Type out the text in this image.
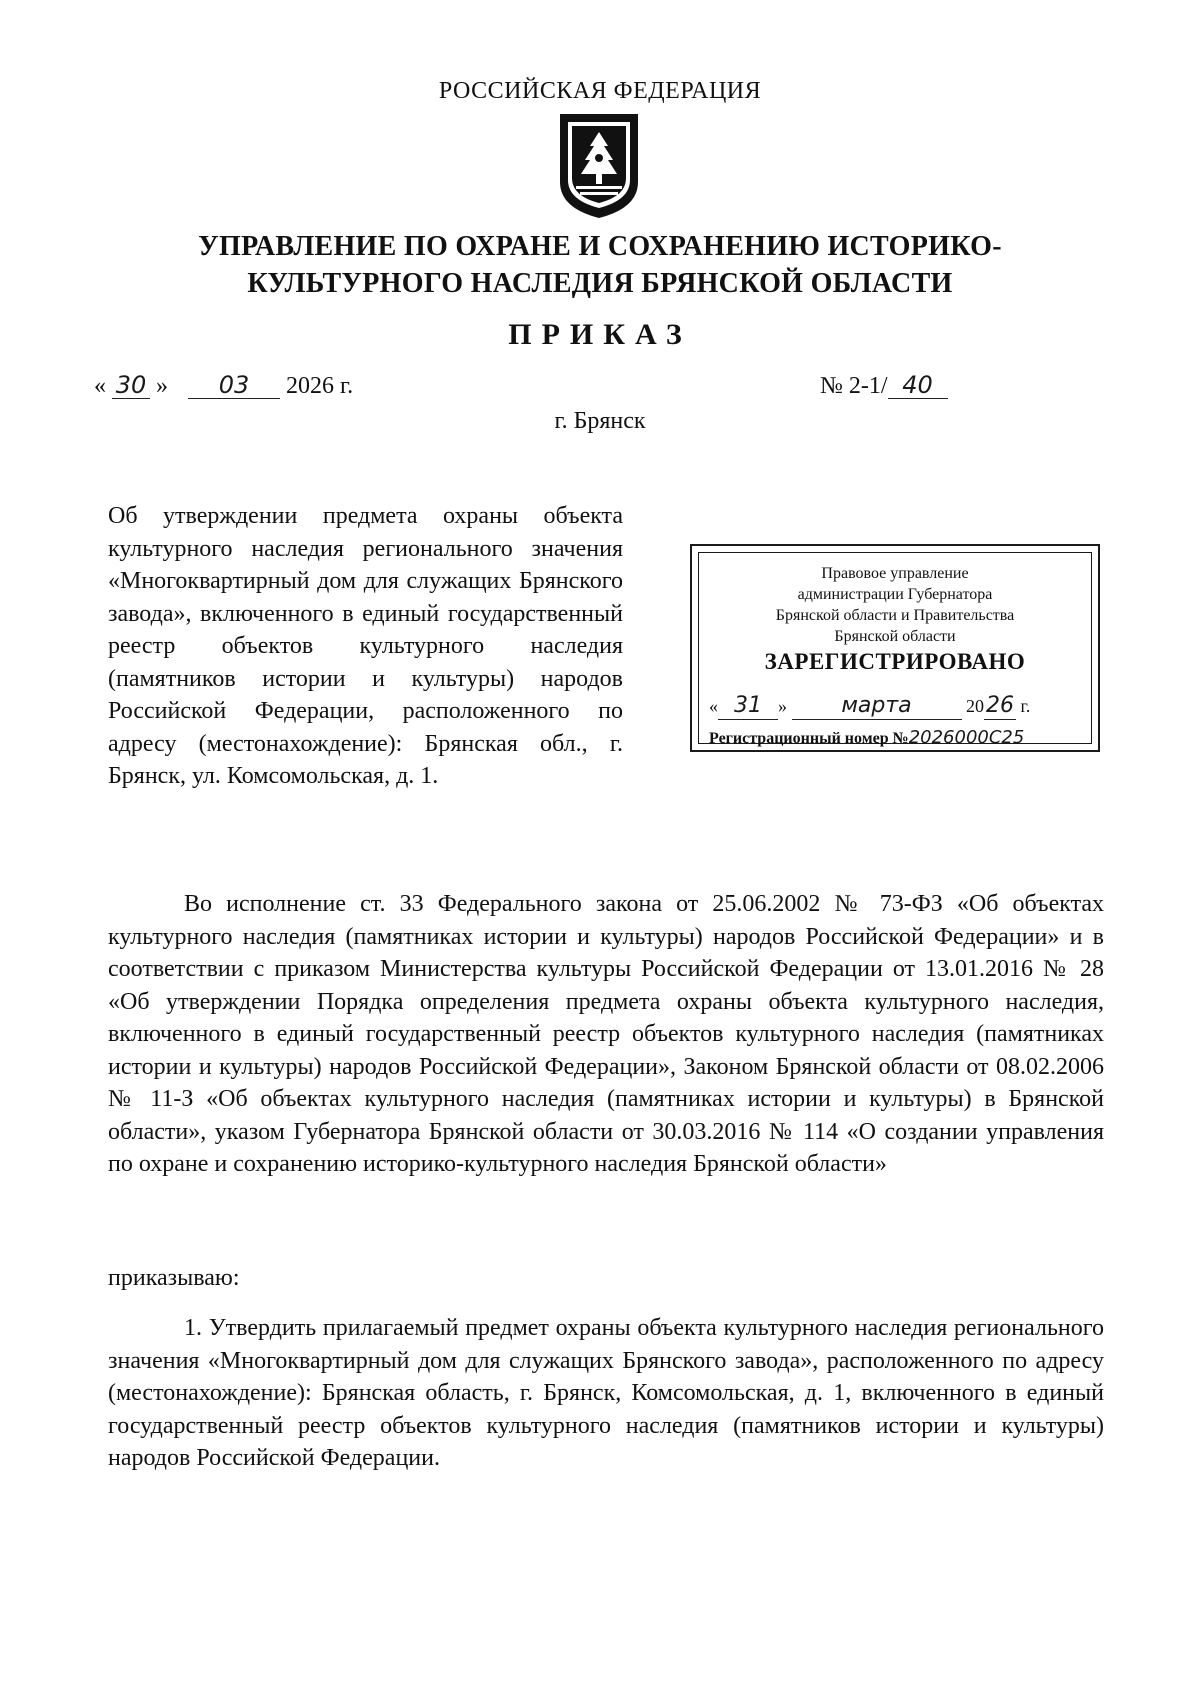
РОССИЙСКАЯ ФЕДЕРАЦИЯ
УПРАВЛЕНИЕ ПО ОХРАНЕ И СОХРАНЕНИЮ ИСТОРИКО-
КУЛЬТУРНОГО НАСЛЕДИЯ БРЯНСКОЙ ОБЛАСТИ
ПРИКАЗ
« 30 » 03 2026 г.	№ 2-1/ 40
г. Брянск
Об утверждении предмета охраны объекта культурного наследия регионального значения «Многоквартирный дом для служащих Брянского завода», включенного в единый государственный реестр объектов культурного наследия (памятников истории и культуры) народов Российской Федерации, расположенного по адресу (местонахождение): Брянская обл., г. Брянск, ул. Комсомольская, д. 1.
Правовое управление
администрации Губернатора
Брянской области и Правительства
Брянской области
ЗАРЕГИСТРИРОВАНО
« 31 » марта	2026 г.
Регистрационный номер №2026000С25
Во исполнение ст. 33 Федерального закона от 25.06.2002 № 73-ФЗ «Об объектах культурного наследия (памятниках истории и культуры) народов Российской Федерации» и в соответствии с приказом Министерства культуры Российской Федерации от 13.01.2016 № 28 «Об утверждении Порядка определения предмета охраны объекта культурного наследия, включенного в единый государственный реестр объектов культурного наследия (памятниках истории и культуры) народов Российской Федерации», Законом Брянской области от 08.02.2006 № 11-З «Об объектах культурного наследия (памятниках истории и культуры) в Брянской области», указом Губернатора Брянской области от 30.03.2016 № 114 «О создании управления по охране и сохранению историко-культурного наследия Брянской области»
приказываю:
1. Утвердить прилагаемый предмет охраны объекта культурного наследия регионального значения «Многоквартирный дом для служащих Брянского завода», расположенного по адресу (местонахождение): Брянская область, г. Брянск, Комсомольская, д. 1, включенного в единый государственный реестр объектов культурного наследия (памятников истории и культуры) народов Российской Федерации.
